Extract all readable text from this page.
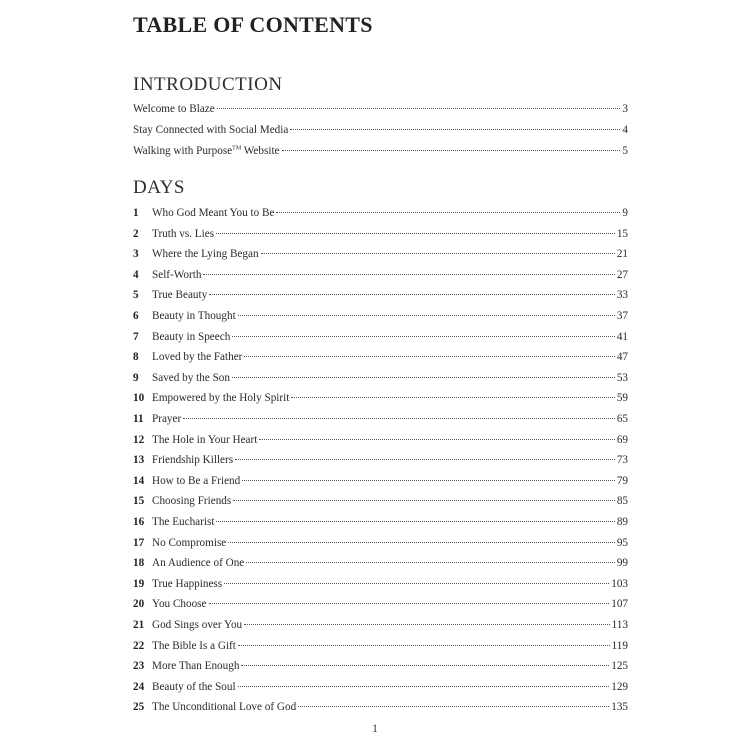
TABLE OF CONTENTS
INTRODUCTION
Welcome to Blaze	3
Stay Connected with Social Media	4
Walking with Purpose™ Website	5
DAYS
1	Who God Meant You to Be	9
2	Truth vs. Lies	15
3	Where the Lying Began	21
4	Self-Worth	27
5	True Beauty	33
6	Beauty in Thought	37
7	Beauty in Speech	41
8	Loved by the Father	47
9	Saved by the Son	53
10 Empowered by the Holy Spirit	59
11 Prayer	65
12 The Hole in Your Heart	69
13 Friendship Killers	73
14 How to Be a Friend	79
15 Choosing Friends	85
16 The Eucharist	89
17 No Compromise	95
18 An Audience of One	99
19 True Happiness	103
20 You Choose	107
21 God Sings over You	113
22 The Bible Is a Gift	119
23 More Than Enough	125
24 Beauty of the Soul	129
25 The Unconditional Love of God	135
1
